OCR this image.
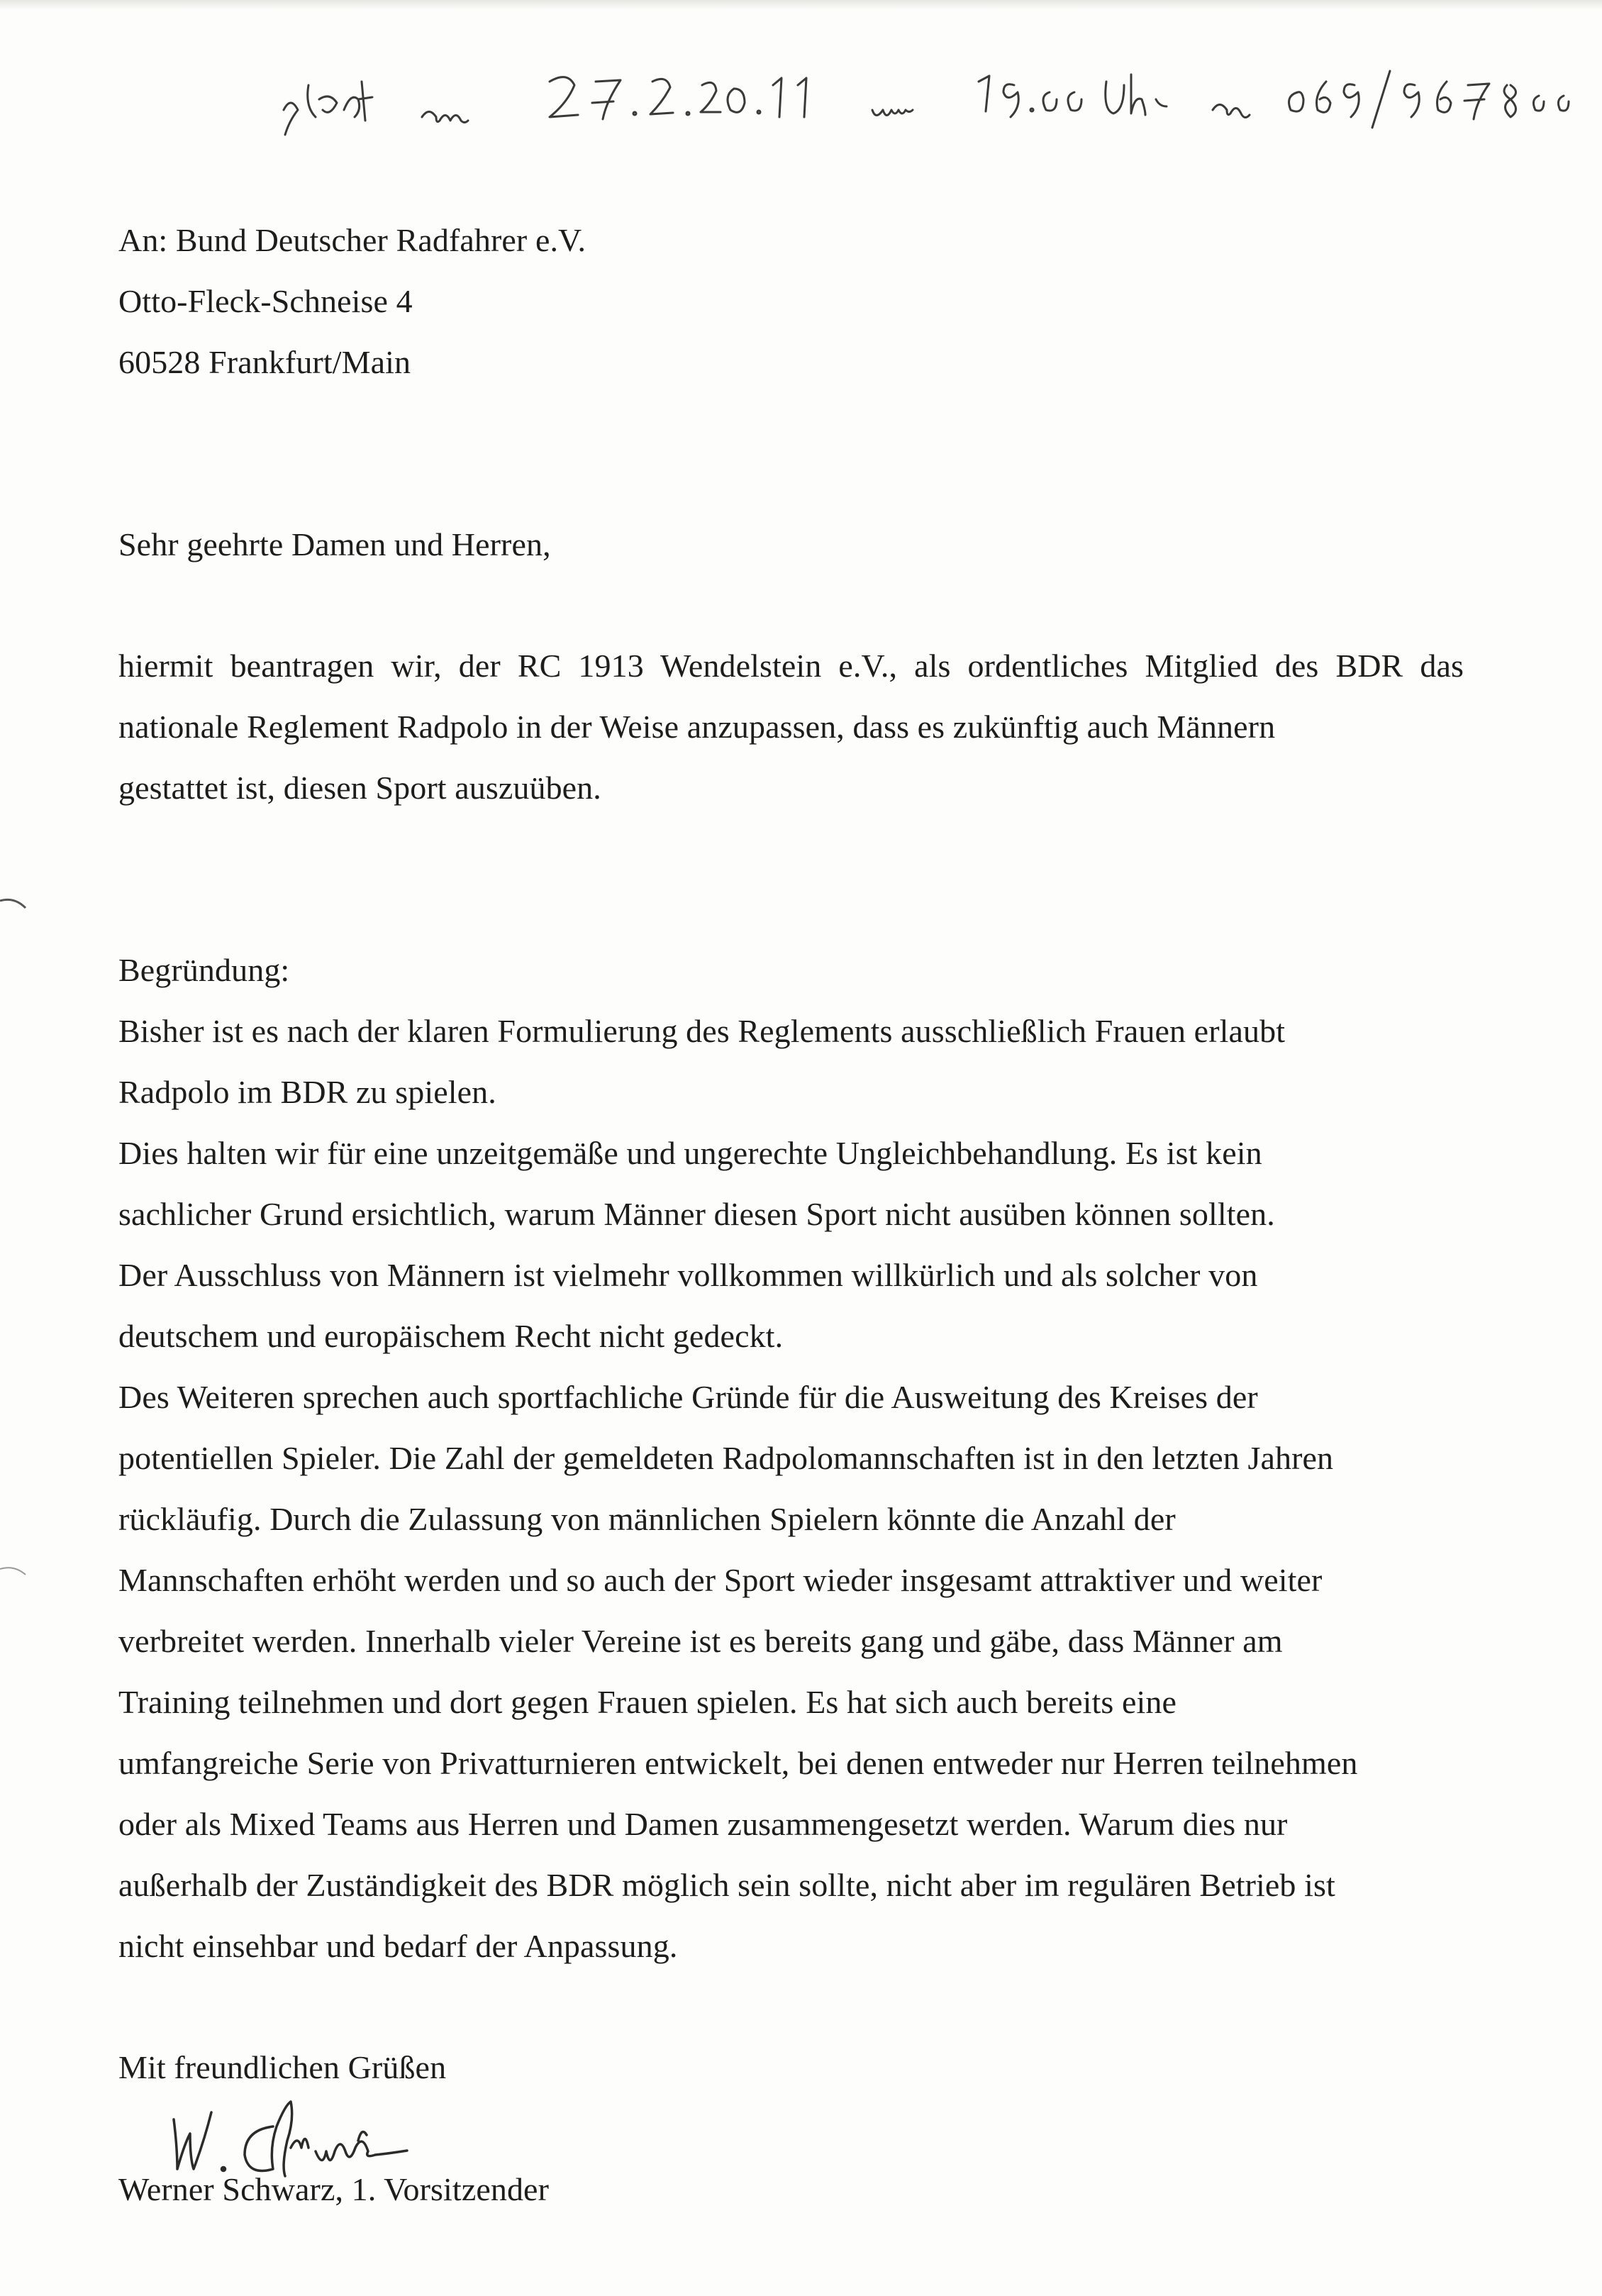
An: Bund Deutscher Radfahrer e.V.

Otto-Fleck-Schneise 4

60528 Frankfurt/Main

Sehr geehrte Damen und Herren,

hiermit beantragen wir, der RC 1913 Wendelstein e.V., als ordentliches Mitglied des BDR das

nationale Reglement Radpolo in der Weise anzupassen, dass es zukünftig auch Männern

gestattet ist, diesen Sport auszuüben.

Begründung:

Bisher ist es nach der klaren Formulierung des Reglements ausschließlich Frauen erlaubt

Radpolo im BDR zu spielen.

Dies halten wir für eine unzeitgemäße und ungerechte Ungleichbehandlung. Es ist kein

sachlicher Grund ersichtlich, warum Männer diesen Sport nicht ausüben können sollten.

Der Ausschluss von Männern ist vielmehr vollkommen willkürlich und als solcher von

deutschem und europäischem Recht nicht gedeckt.

Des Weiteren sprechen auch sportfachliche Gründe für die Ausweitung des Kreises der

potentiellen Spieler. Die Zahl der gemeldeten Radpolomannschaften ist in den letzten Jahren

rückläufig. Durch die Zulassung von männlichen Spielern könnte die Anzahl der

Mannschaften erhöht werden und so auch der Sport wieder insgesamt attraktiver und weiter

verbreitet werden. Innerhalb vieler Vereine ist es bereits gang und gäbe, dass Männer am

Training teilnehmen und dort gegen Frauen spielen. Es hat sich auch bereits eine

umfangreiche Serie von Privatturnieren entwickelt, bei denen entweder nur Herren teilnehmen

oder als Mixed Teams aus Herren und Damen zusammengesetzt werden. Warum dies nur

außerhalb der Zuständigkeit des BDR möglich sein sollte, nicht aber im regulären Betrieb ist

nicht einsehbar und bedarf der Anpassung.

Mit freundlichen Grüßen

Werner Schwarz, 1. Vorsitzender
